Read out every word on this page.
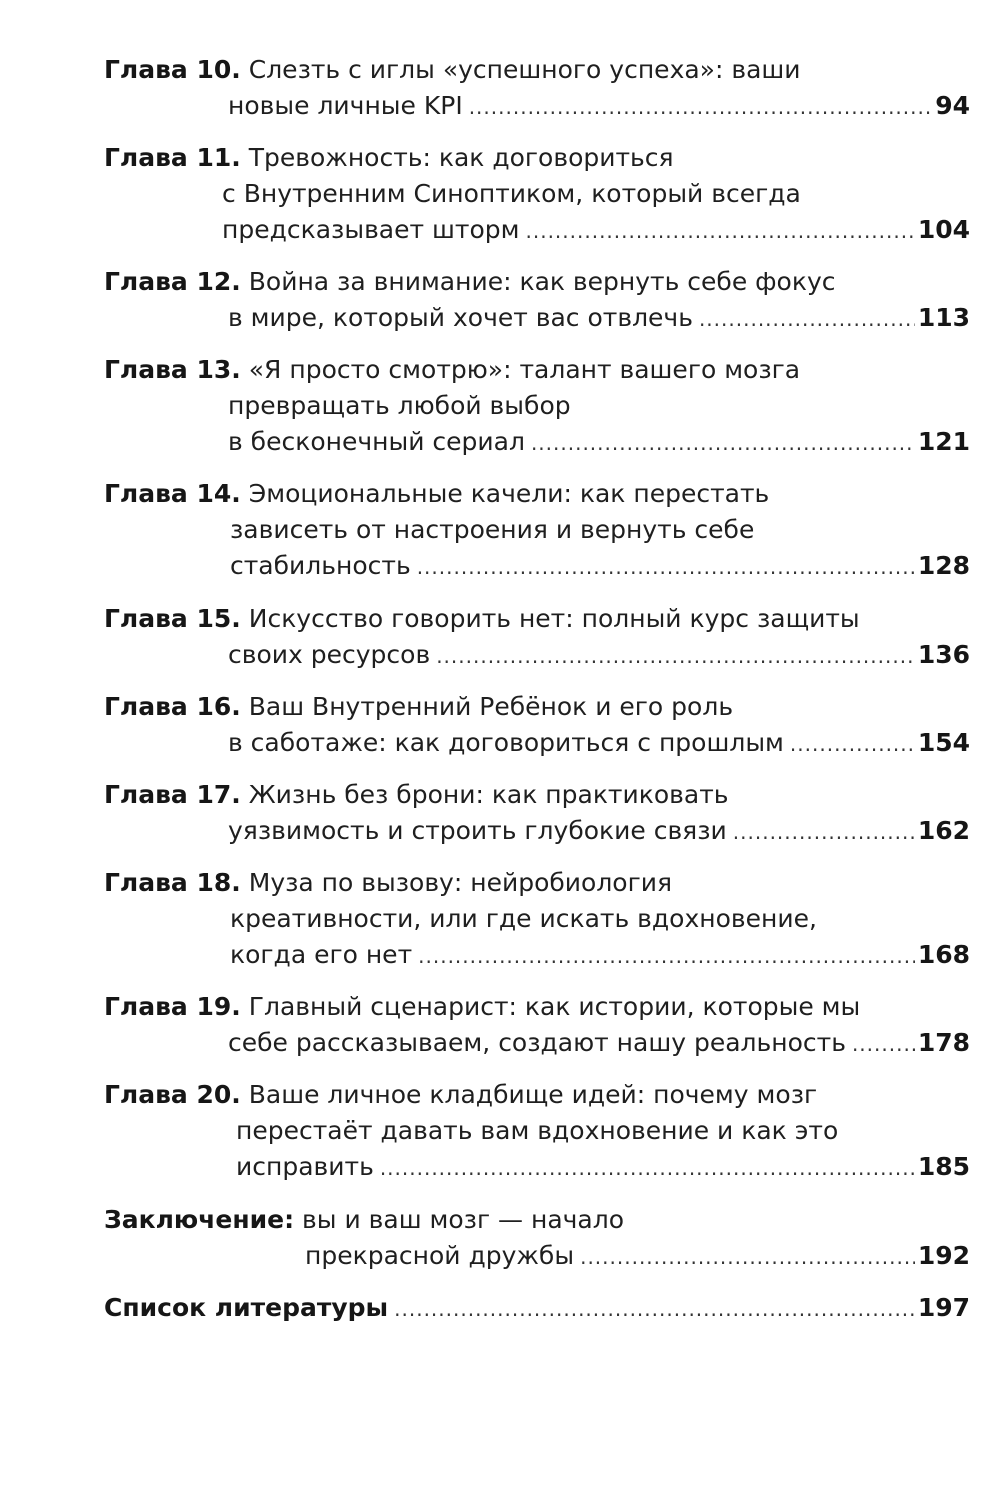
Глава 10. Слезть с иглы «успешного успеха»: ваши
новые личные KPI .....	94
Глава 11. Тревожность: как договориться
с Внутренним Синоптиком, который всегда
предсказывает шторм .....	104
Глава 12. Война за внимание: как вернуть себе фокус
в мире, который хочет вас отвлечь .....	113
Глава 13. «Я просто смотрю»: талант вашего мозга
превращать любой выбор
в бесконечный сериал .....	121
Глава 14. Эмоциональные качели: как перестать
зависеть от настроения и вернуть себе
стабильность .....	128
Глава 15. Искусство говорить нет: полный курс защиты
своих ресурсов .....	136
Глава 16. Ваш Внутренний Ребёнок и его роль
в саботаже: как договориться с прошлым .....	154
Глава 17. Жизнь без брони: как практиковать
уязвимость и строить глубокие связи .....	162
Глава 18. Муза по вызову: нейробиология
креативности, или где искать вдохновение,
когда его нет .....	168
Глава 19. Главный сценарист: как истории, которые мы
себе рассказываем, создают нашу реальность .....	178
Глава 20. Ваше личное кладбище идей: почему мозг
перестаёт давать вам вдохновение и как это
исправить .....	185
Заключение: вы и ваш мозг — начало
прекрасной дружбы .....	192
Список литературы .....	197
